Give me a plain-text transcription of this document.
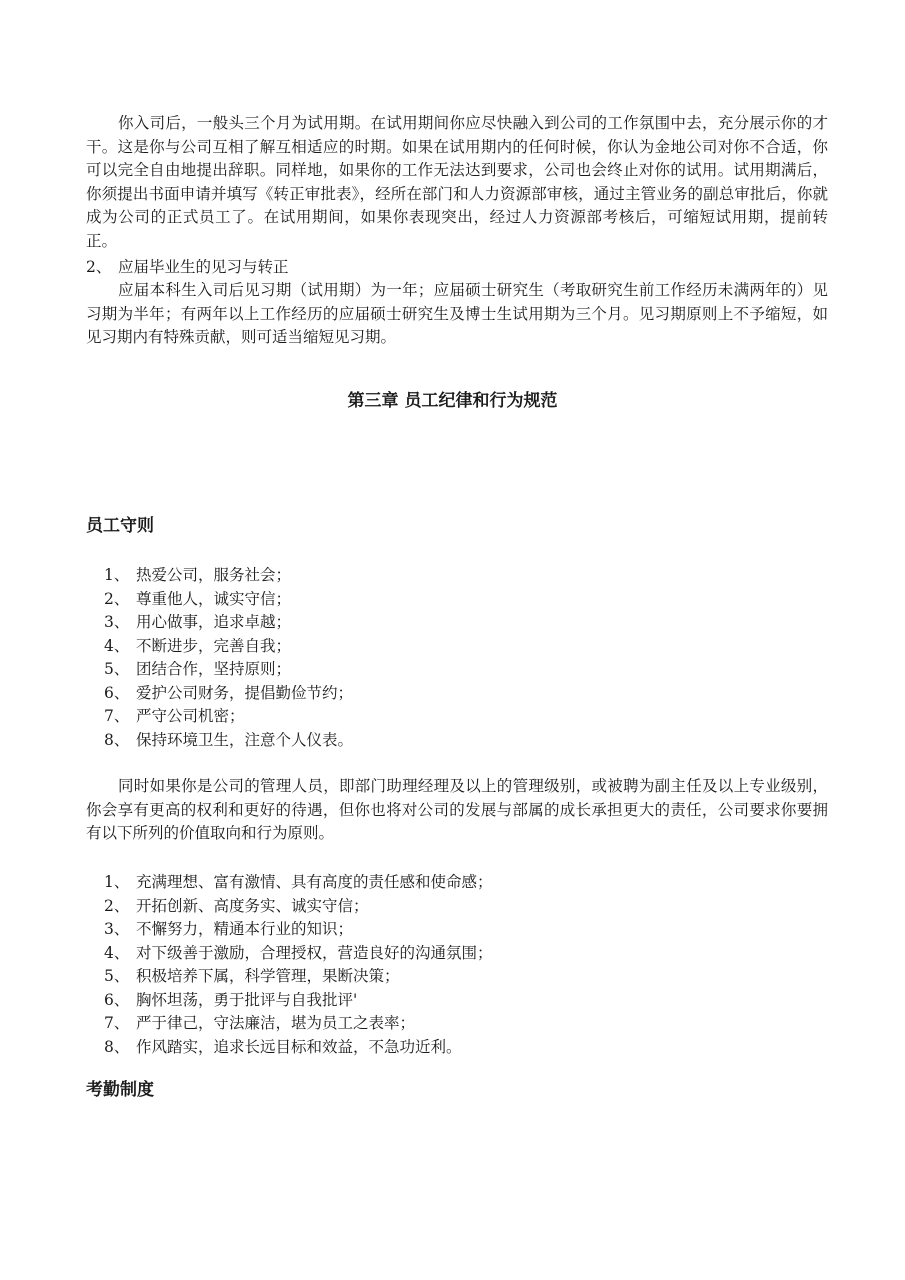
你入司后，一般头三个月为试用期。在试用期间你应尽快融入到公司的工作氛围中去，充分展示你的才干。这是你与公司互相了解互相适应的时期。如果在试用期内的任何时候，你认为金地公司对你不合适，你可以完全自由地提出辞职。同样地，如果你的工作无法达到要求，公司也会终止对你的试用。试用期满后，你须提出书面申请并填写《转正审批表》，经所在部门和人力资源部审核，通过主管业务的副总审批后，你就成为公司的正式员工了。在试用期间，如果你表现突出，经过人力资源部考核后，可缩短试用期，提前转正。

2、 应届毕业生的见习与转正

应届本科生入司后见习期（试用期）为一年；应届硕士研究生（考取研究生前工作经历未满两年的）见习期为半年；有两年以上工作经历的应届硕士研究生及博士生试用期为三个月。见习期原则上不予缩短，如见习期内有特殊贡献，则可适当缩短见习期。

第三章 员工纪律和行为规范
员工守则
1、 热爱公司，服务社会；
2、 尊重他人，诚实守信；
3、 用心做事，追求卓越；
4、 不断进步，完善自我；
5、 团结合作，坚持原则；
6、 爱护公司财务，提倡勤俭节约；
7、 严守公司机密；
8、 保持环境卫生，注意个人仪表。

同时如果你是公司的管理人员，即部门助理经理及以上的管理级别，或被聘为副主任及以上专业级别，你会享有更高的权利和更好的待遇，但你也将对公司的发展与部属的成长承担更大的责任，公司要求你要拥有以下所列的价值取向和行为原则。

1、 充满理想、富有激情、具有高度的责任感和使命感；
2、 开拓创新、高度务实、诚实守信；
3、 不懈努力，精通本行业的知识；
4、 对下级善于激励，合理授权，营造良好的沟通氛围；
5、 积极培养下属，科学管理，果断决策；
6、 胸怀坦荡，勇于批评与自我批评'
7、 严于律己，守法廉洁，堪为员工之表率；
8、 作风踏实，追求长远目标和效益，不急功近利。
考勤制度
